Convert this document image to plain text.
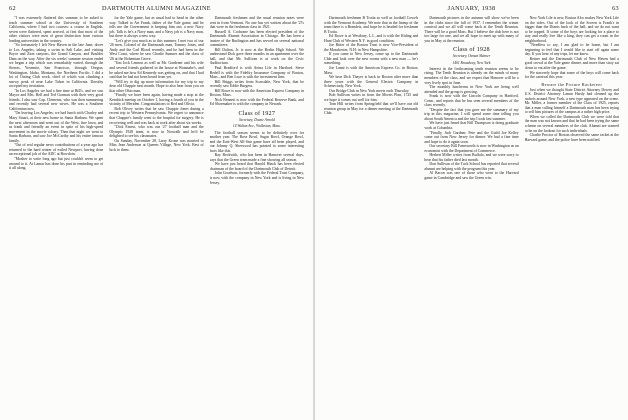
62	DARTMOUTH ALUMNI MAGAZINE

"I was extremely flattered this summer to be asked to teach summer school at the University of Southern California, where I had two courses: a course in English, seven were flattered, spent arrived, at first that most of the other visitors were men of great distinction from various leading universities in the country.

"So fortunately I left New Haven in the late June, drove to Los Angeles, taking a swim in Salt Lake, and visiting Bryce and Zion canyons, the Grand Canyon, and Boulder Dam on the way. After the six weeks' summer session ended we began a trip which was remarkably varied, through the Sierras, Yosemite, San Francisco, through Oregon, Washington, Idaho, Montana, the Northern Pacific. I did a lot of Outing Club work, chief of which was climbing a snowy peak of near Lake Tahoe in California. Dorothy accepted my invitation.

"In Los Angeles we had a fine time at Bill's, and we saw Mayor and Mrs. Bell and Ted Gorman with their very good friends. I also saw Cap. Clements, who was then summering and recently had several new wives. He was a Southern Californian now.

"On leaving Los Angeles, we had lunch with Charley and Mary Stuart, at their new home in Santa Barbara. We spent the next afternoon and went out of the West, fine lawn, and as frank and friendly an event in spite of his high-speed movement in the movie colony. Then that night we went to Santa Barbara, and saw Joe McCarthy and his entire famous family.

"Out of real regular news contributions of a year ago has returned to the hard winter of exiled Newport, having done an exceptional job of the ADC at Bowdoin.

"Mosher to write long ago but just couldn't seem to get around to it. At Lamar has done his part in reminding me of it all along.

for the Yale game, but as usual had to head in the other way. Talked to Art Frank, father of the Yale game, and he tells me the Government is keeping him out; a new Navy job. Talk is he's a Navy man, and a Navy job is a Navy man, but there is always a new way.

"Let's give you much as to this summer. I met two of our '26 men, Colonel of the Dartmouth man, Tommy Jones, and Andy and the Carl Blood recently, and he had been in the West Coast, where he saw Charlie Sumner and the class of '26 at the Bohemian Grove.

"Jim Jock Lennon as well as Mr. Gardener and his wife and several friends gathered in the house at Watanabe's, and he asked me how Ed Kennedy was getting on, and that I had said that he had not been heard from yet.

"Will try to dig up more information for my trip to my dear old Chappie next month. Hope to also hear from you on that other Ohio man.

"Finally we have been again, having made a stop at the Kendrick meetup on October 1, having a fourth of you in the vicinity of Meriden. Congratulations to Red and Olivia.

Bob Olivey writes that he saw Chappie Jones during a recent trip to Western Pennsylvania. We regret to announce that Chappie's family went to the hospital for surgery. He is recovering well and was back at work after about six weeks.

"Dick Ernest, who was our '27 football man and the Olympic 1928 team, is now in Norwalk and he'd be delighted to see his classmates.

On Sunday, November 28, Larry Krone was married to Miss Jean Anderson at Queens Village, New York. Best of luck to them.

Dartmouth freshmen and the usual reunion notes were sent in from Vermont. No one has yet written about the '27s that were in the freshman class in 1921.

Russell A. Cochrane has been elected president of the Dartmouth Alumni Association in Chicago. He has been a trustee of the Burlington and has served on several national committees.

Bill Dalton, Jr. is now at the Berlin High School. We understand Dick gave three months in an apartment over the hall, and that Mr. Sullivan is at work on the Civic Auditorium.

Paul Bradford is with Aetna Life in Hartford. Steve Bedell is with the Fidelity Insurance Company of Boston, Mass., and Ben Luce is with the investment firm.

Bill Briggs writes from Scarsdale, New York, that he recently saw Eddie Burgess.

Bill Rowe is now with the American Express Company in Boston, Mass.

Nick Bennett is now with the Federal Reserve Bank, and Ed Shoemaker is with the company in Newark.

Class of 1927
Secretary, Doane Arnold
14 Walton Ave., Wollaston, Mass.

The football season seems to be definitely over for another year. The Rose Bowl, Sugar Bowl, Orange Bowl, and the East-West All-Star game have all been played, and our Johnny Q. Sherwood has pointed to some interesting facts like this.

Ray Beckwith, who has been in Hanover several days, says that the Green team made a fine showing all season.

We have just heard that Harold Hinck has been elected chairman of the board of the Dartmouth Club of Detroit.

John Goodwin, formerly with the Federal Trust Company, is now with the company in New York and is living in New Jersey.

JANUARY, 1938	63

Dartmouth freshmen B Trotta as well as football Cowels with the Vermont Academy. We note that in the lineup of the team there is a Brandeis, and hope he is headed for freshmen B Trotta.

Ed Rowe is at Westbury, L.I., and is with the Riding and Hunt Club of Western N.Y. in good condition.

Joe Ritter of the Boston Trust is new Vice-President of the Manchester, N.H. in New Hampshire.

If you came to New Jersey, come up to the Dartmouth Club and look over the new rooms with a new man — he's something.

Joe Lanni is with the American Express Co. in Boston, Mass.

We hear Dick Thayer is back in Boston after more than three years with the General Electric Company in Schenectady, New York.

Our Bridge Club in New York meets each Thursday.

Bob Sullivan writes in from the Morris Plan, 1725 and we hope it comes out well for him.

Tom Hill writes from Springfield that we'll have our old reunion group in May for a dinner meeting at the Dartmouth Club.

Dartmouth pictures in the autumn will show we've been in the clubs since the fall of 1937. I remember the winter carnival and we all will come back at the Tenth Reunion. There will be a good Mass. But I believe the club here is not too large for one, and we all hope to meet up with many of you in May at the reunion.

Class of 1928
Secretary, Osmun Skinner
1401 Broadway, New York

Interest in the forthcoming tenth reunion seems to be rising. The Tenth Reunion is already on the minds of many members of the class, and we expect that Hanover will be a very lively spot in June.

The monthly luncheons in New York are being well attended and the group is growing.

Frank is now with the Lincoln Company in Hartford, Conn., and reports that he has seen several members of the class recently.

"Despite the fact that you gave me the summary of my trip in this magazine, I will spend some time telling you about South America and the trip I took last summer.

We have just heard that Bill Thompson is doing graduate work at Columbia.

"Finally, Jack Gardner, Pete and the Guild Joe Kelley came out from New Jersey for dinner. We had a fine time and hope to do it again soon.

Our secretary Bill Farnsworth is now in Washington as an economist with the Department of Commerce.

Herbert Miller writes from Buffalo, and we were sorry to hear that his father died last month.

Don Sullivan of the Tuck School has reported that several alumni are helping with the program this year.

Al Bacon was one of those who went to the Harvard game in Cambridge and saw the Green win.

New York Life is new, Boston Alco makes New York Life on the sides. Out of the look of the Screen is Frank's in bigger than the Dianis back of the hall, and we do not want to be topped. If some of the boys are looking for a place to stay and really live like a king, they can get a room in the neighborhood.

"Needless to say, I am glad to be home, but I am beginning to feel that I would like to start off again some day. If you hear of any trips, let me know.

Reiner and the Dartmouth Club of New Haven had a good crowd at the Yale game dinner, and more than sixty sat down to eat after the game.

We sincerely hope that some of the boys will come back for the carnival this year.

Beware the Picture Racketeer

Just when we thought State District Attorney Dewey and U.S. District Attorney Lamar Hardy had cleaned up the rackets around New York, a new type appeared on the scene. Mr. Miller, a former member of the Class of 1925, reports that a man calling himself a Dartmouth man has been trying to sell him pictures of the campus at a rather high price.

When we called the Dartmouth Club we were told that the man was not known and that he had been trying the same scheme on several members of the club. Alumni are warned to be on the lookout for such individuals.

Charlie Proctor of Boston observed the same racket at the Harvard game, and the police have been notified.
